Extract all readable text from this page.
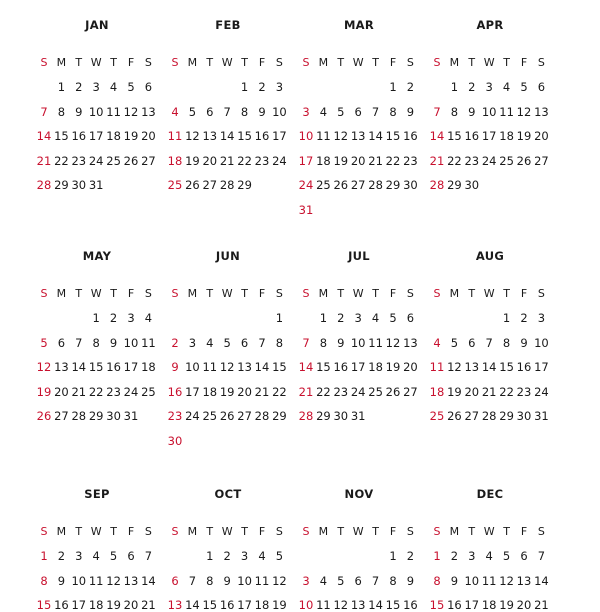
JAN
S M T W T F S
1 2 3 4 5 6
7 8 9 10 11 12 13
14 15 16 17 18 19 20
21 22 23 24 25 26 27
28 29 30 31
FEB
S M T W T F S
1 2 3
4 5 6 7 8 9 10
11 12 13 14 15 16 17
18 19 20 21 22 23 24
25 26 27 28 29
MAR
S M T W T F S
1 2
3 4 5 6 7 8 9
10 11 12 13 14 15 16
17 18 19 20 21 22 23
24 25 26 27 28 29 30
31
APR
S M T W T F S
1 2 3 4 5 6
7 8 9 10 11 12 13
14 15 16 17 18 19 20
21 22 23 24 25 26 27
28 29 30
MAY
S M T W T F S
1 2 3 4
5 6 7 8 9 10 11
12 13 14 15 16 17 18
19 20 21 22 23 24 25
26 27 28 29 30 31
JUN
S M T W T F S
1
2 3 4 5 6 7 8
9 10 11 12 13 14 15
16 17 18 19 20 21 22
23 24 25 26 27 28 29
30
JUL
S M T W T F S
1 2 3 4 5 6
7 8 9 10 11 12 13
14 15 16 17 18 19 20
21 22 23 24 25 26 27
28 29 30 31
AUG
S M T W T F S
1 2 3
4 5 6 7 8 9 10
11 12 13 14 15 16 17
18 19 20 21 22 23 24
25 26 27 28 29 30 31
SEP
S M T W T F S
1 2 3 4 5 6 7
8 9 10 11 12 13 14
15 16 17 18 19 20 21
OCT
S M T W T F S
1 2 3 4 5
6 7 8 9 10 11 12
13 14 15 16 17 18 19
NOV
S M T W T F S
1 2
3 4 5 6 7 8 9
10 11 12 13 14 15 16
DEC
S M T W T F S
1 2 3 4 5 6 7
8 9 10 11 12 13 14
15 16 17 18 19 20 21
